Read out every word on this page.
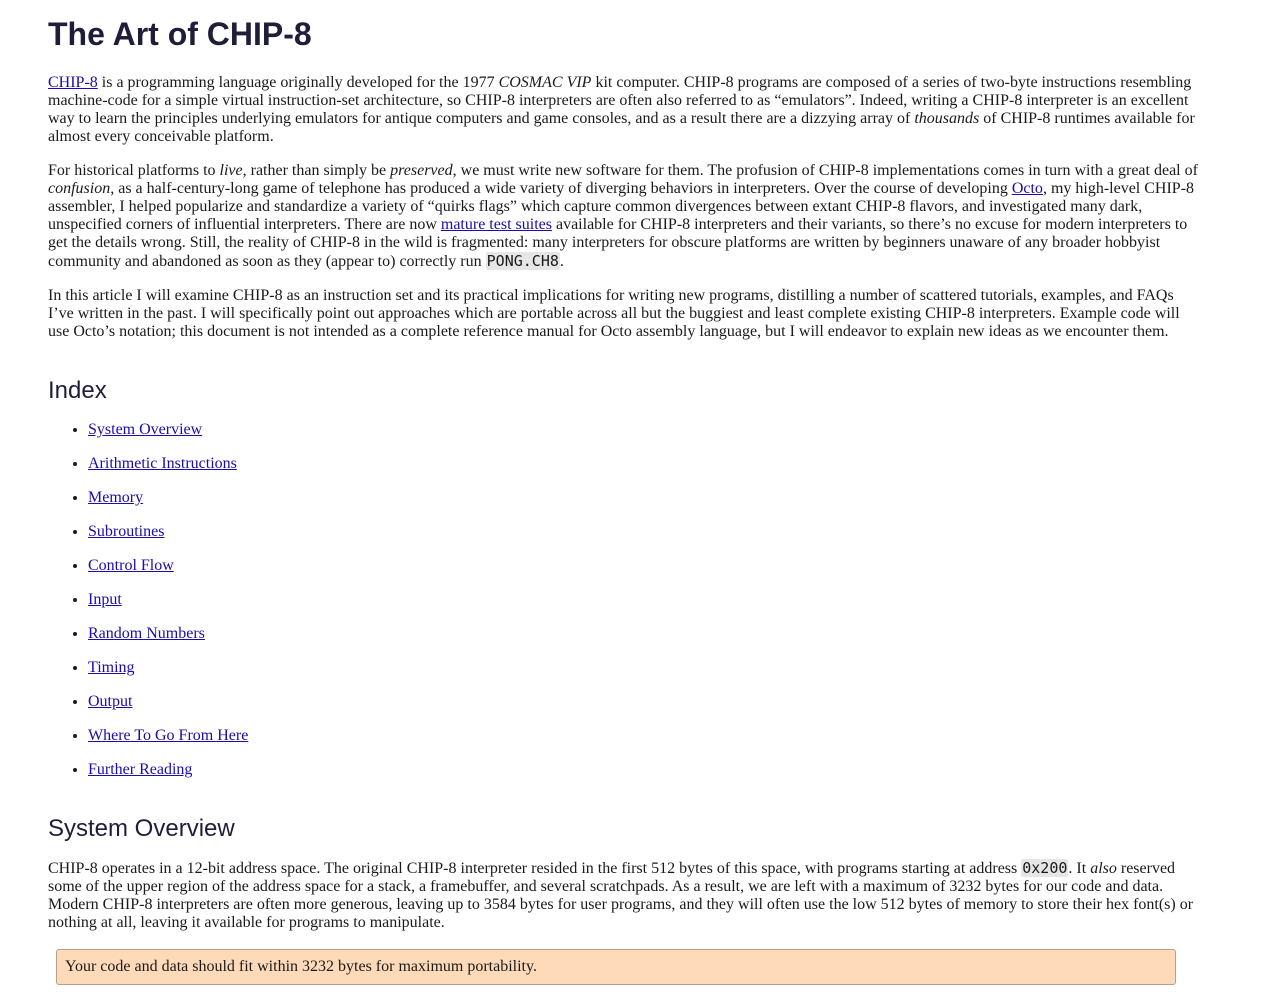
The Art of CHIP-8

CHIP-8 is a programming language originally developed for the 1977 COSMAC VIP kit computer. CHIP-8 programs are composed of a series of two-byte instructions resembling machine-code for a simple virtual instruction-set architecture, so CHIP-8 interpreters are often also referred to as “emulators”. Indeed, writing a CHIP-8 interpreter is an excellent way to learn the principles underlying emulators for antique computers and game consoles, and as a result there are a dizzying array of thousands of CHIP-8 runtimes available for almost every conceivable platform.

For historical platforms to live, rather than simply be preserved, we must write new software for them. The profusion of CHIP-8 implementations comes in turn with a great deal of confusion, as a half-century-long game of telephone has produced a wide variety of diverging behaviors in interpreters. Over the course of developing Octo, my high-level CHIP-8 assembler, I helped popularize and standardize a variety of “quirks flags” which capture common divergences between extant CHIP-8 flavors, and investigated many dark, unspecified corners of influential interpreters. There are now mature test suites available for CHIP-8 interpreters and their variants, so there’s no excuse for modern interpreters to get the details wrong. Still, the reality of CHIP-8 in the wild is fragmented: many interpreters for obscure platforms are written by beginners unaware of any broader hobbyist community and abandoned as soon as they (appear to) correctly run PONG.CH8.

In this article I will examine CHIP-8 as an instruction set and its practical implications for writing new programs, distilling a number of scattered tutorials, examples, and FAQs I’ve written in the past. I will specifically point out approaches which are portable across all but the buggiest and least complete existing CHIP-8 interpreters. Example code will use Octo’s notation; this document is not intended as a complete reference manual for Octo assembly language, but I will endeavor to explain new ideas as we encounter them.

Index
• System Overview
• Arithmetic Instructions
• Memory
• Subroutines
• Control Flow
• Input
• Random Numbers
• Timing
• Output
• Where To Go From Here
• Further Reading
System Overview

CHIP-8 operates in a 12-bit address space. The original CHIP-8 interpreter resided in the first 512 bytes of this space, with programs starting at address 0x200. It also reserved some of the upper region of the address space for a stack, a framebuffer, and several scratchpads. As a result, we are left with a maximum of 3232 bytes for our code and data. Modern CHIP-8 interpreters are often more generous, leaving up to 3584 bytes for user programs, and they will often use the low 512 bytes of memory to store their hex font(s) or nothing at all, leaving it available for programs to manipulate.

Your code and data should fit within 3232 bytes for maximum portability.
